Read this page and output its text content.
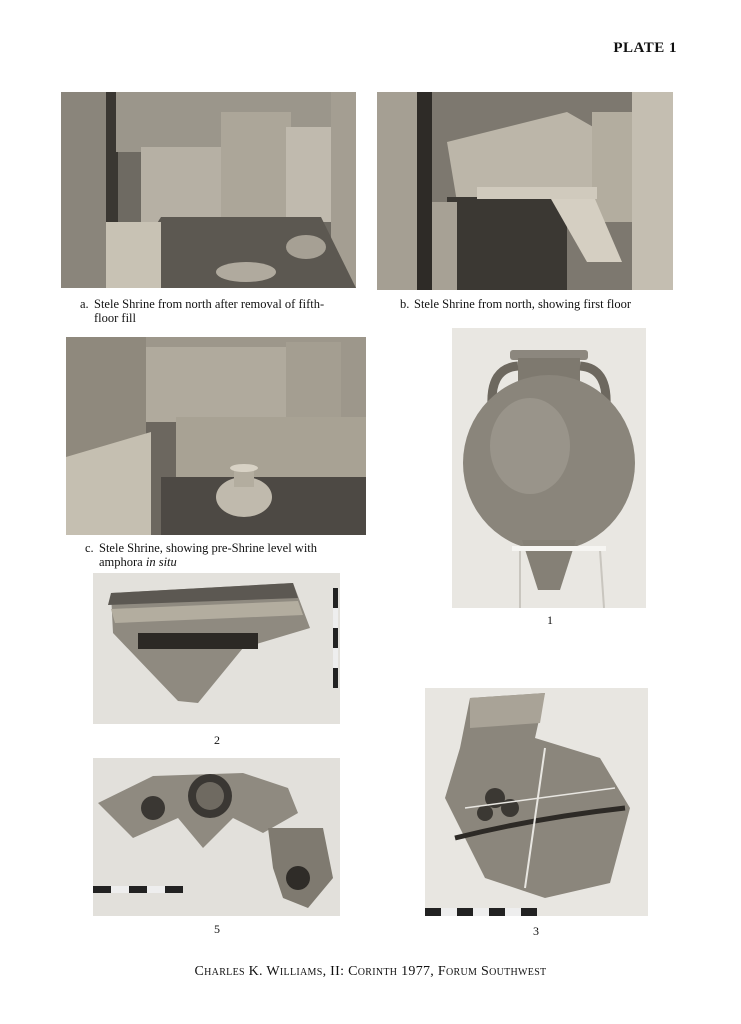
PLATE 1
a. Stele Shrine from north after removal of fifth-
floor fill
b. Stele Shrine from north, showing first floor
c. Stele Shrine, showing pre-Shrine level with
amphora in situ
1
2
3
5
Charles K. Williams, II: Corinth 1977, Forum Southwest
